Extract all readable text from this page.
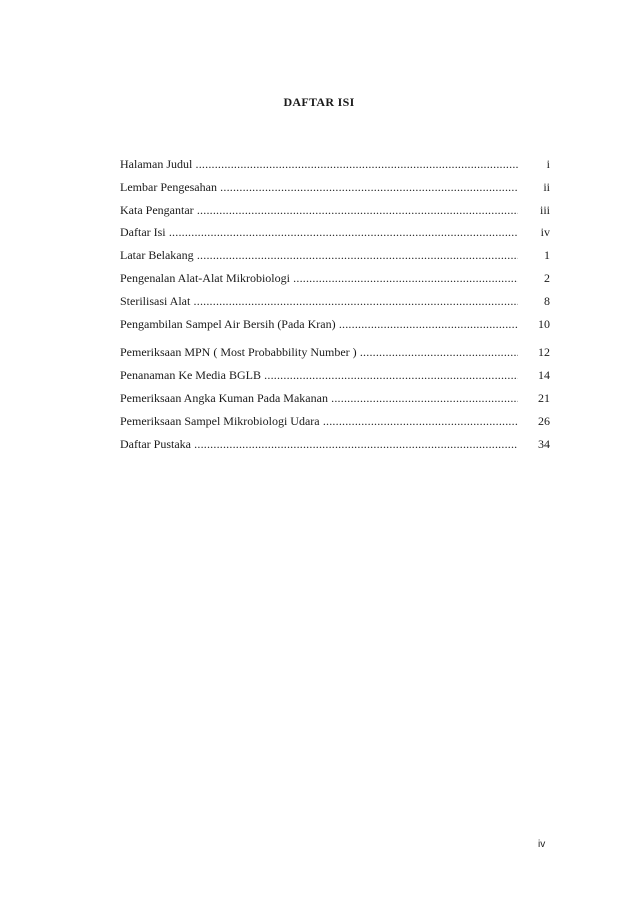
DAFTAR ISI
Halaman Judul .....	i
Lembar Pengesahan .....	ii
Kata Pengantar .....	iii
Daftar Isi .....	iv
Latar Belakang .....	1
Pengenalan Alat-Alat Mikrobiologi .....	2
Sterilisasi Alat .....	8
Pengambilan Sampel Air Bersih (Pada Kran) .....	10
Pemeriksaan MPN ( Most Probabbility Number ) .....	12
Penanaman Ke Media BGLB .....	14
Pemeriksaan Angka Kuman Pada Makanan .....	21
Pemeriksaan Sampel Mikrobiologi Udara .....	26
Daftar Pustaka .....	34
iv
